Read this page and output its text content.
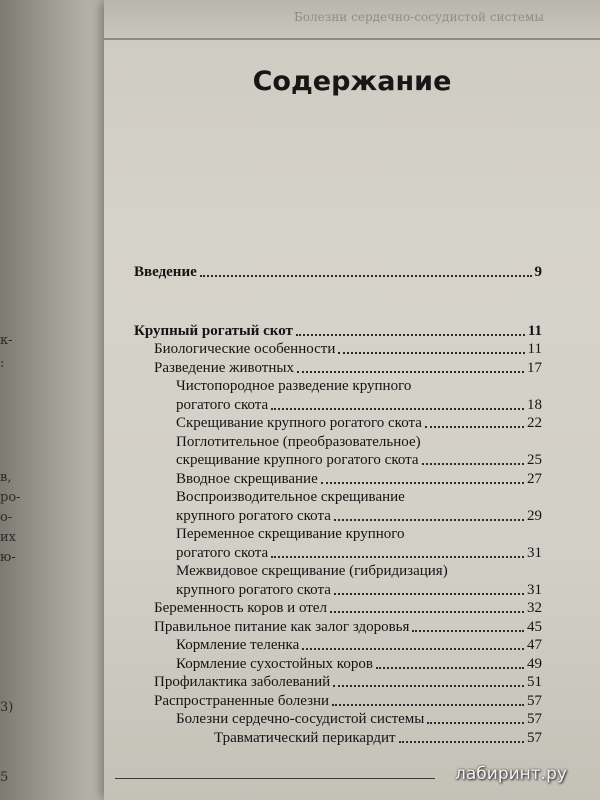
к-
:
в,
ро-
о-
их
ю-
3)
5
Болезни сердечно-сосудистой системы
Содержание
Введение	9
Крупный рогатый скот	11
Биологические особенности	11
Разведение животных	17
Чистопородное разведение крупного
рогатого скота	18
Скрещивание крупного рогатого скота	22
Поглотительное (преобразовательное)
скрещивание крупного рогатого скота	25
Вводное скрещивание	27
Воспроизводительное скрещивание
крупного рогатого скота	29
Переменное скрещивание крупного
рогатого скота	31
Межвидовое скрещивание (гибридизация)
крупного рогатого скота	31
Беременность коров и отел	32
Правильное питание как залог здоровья	45
Кормление теленка	47
Кормление сухостойных коров	49
Профилактика заболеваний	51
Распространенные болезни	57
Болезни сердечно-сосудистой системы	57
Травматический перикардит	57
лабиринт.ру
